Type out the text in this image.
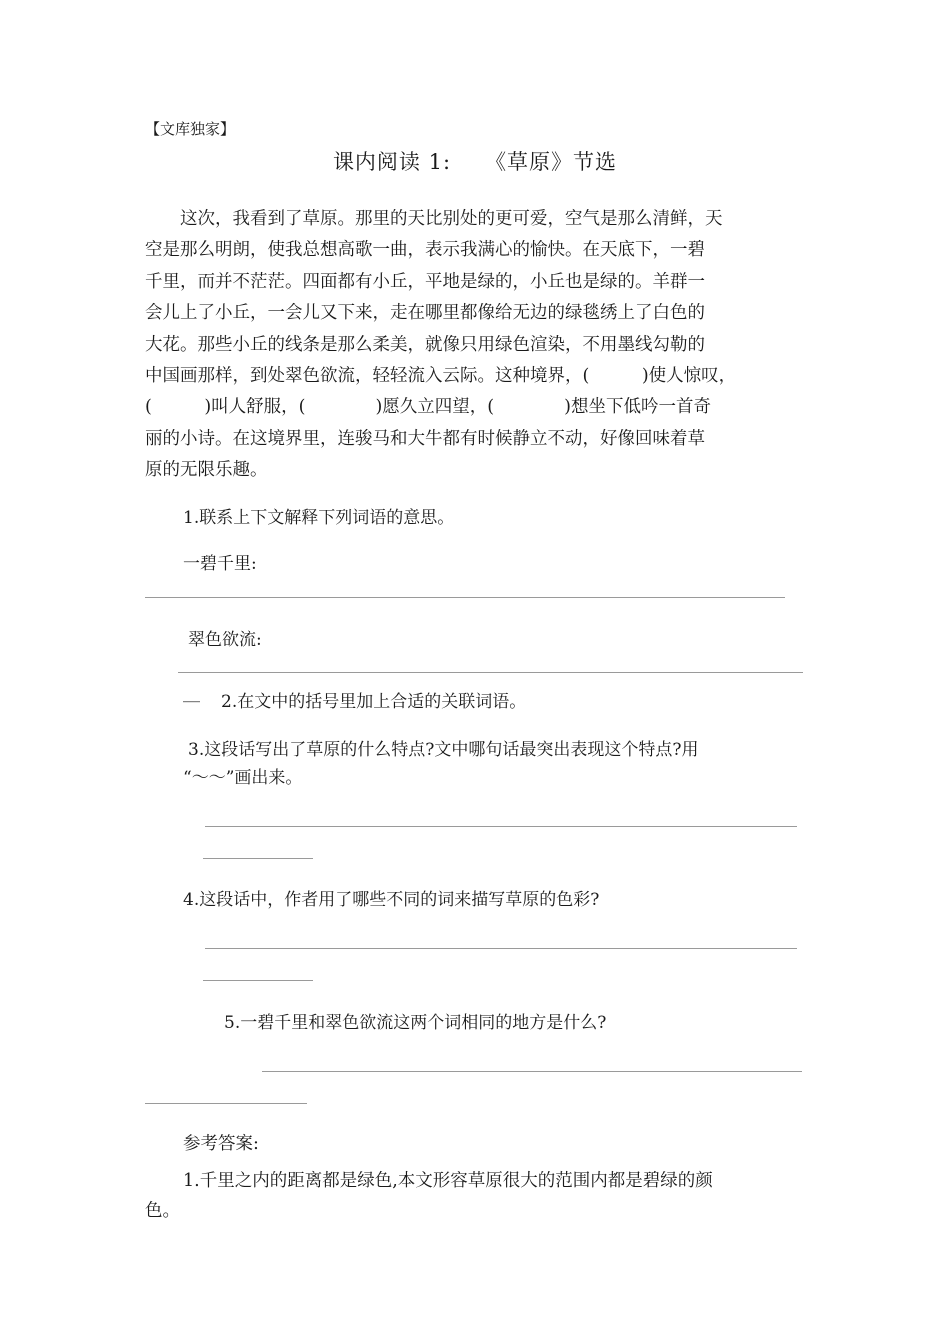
【文库独家】
课内阅读 1: 《草原》节选
　　这次，我看到了草原。那里的天比别处的更可爱，空气是那么清鲜，天
空是那么明朗，使我总想高歌一曲，表示我满心的愉快。在天底下，一碧
千里，而并不茫茫。四面都有小丘，平地是绿的，小丘也是绿的。羊群一
会儿上了小丘，一会儿又下来，走在哪里都像给无边的绿毯绣上了白色的
大花。那些小丘的线条是那么柔美，就像只用绿色渲染，不用墨线勾勒的
中国画那样，到处翠色欲流，轻轻流入云际。这种境界，(　　　)使人惊叹，
(　　　)叫人舒服，(　　　　)愿久立四望，(　　　　)想坐下低吟一首奇
丽的小诗。在这境界里，连骏马和大牛都有时候静立不动，好像回味着草
原的无限乐趣。
1.联系上下文解释下列词语的意思。
一碧千里:
翠色欲流:
__ 2.在文中的括号里加上合适的关联词语。
3.这段话写出了草原的什么特点?文中哪句话最突出表现这个特点?用
“～～”画出来。
4.这段话中，作者用了哪些不同的词来描写草原的色彩?
5.一碧千里和翠色欲流这两个词相同的地方是什么?
参考答案:
1.千里之内的距离都是绿色,本文形容草原很大的范围内都是碧绿的颜
色。
